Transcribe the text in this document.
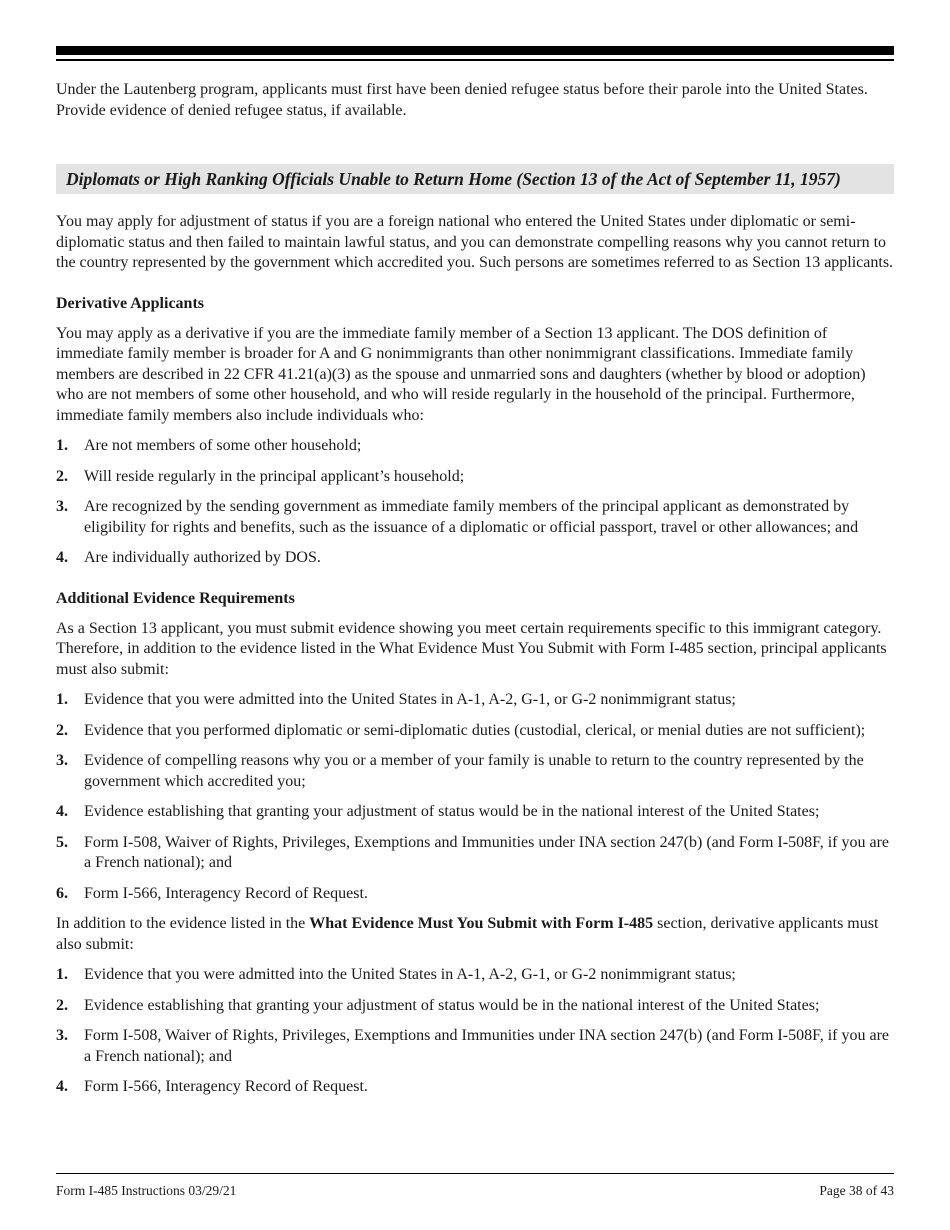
Under the Lautenberg program, applicants must first have been denied refugee status before their parole into the United States. Provide evidence of denied refugee status, if available.

Diplomats or High Ranking Officials Unable to Return Home (Section 13 of the Act of September 11, 1957)

You may apply for adjustment of status if you are a foreign national who entered the United States under diplomatic or semi-diplomatic status and then failed to maintain lawful status, and you can demonstrate compelling reasons why you cannot return to the country represented by the government which accredited you. Such persons are sometimes referred to as Section 13 applicants.

Derivative Applicants

You may apply as a derivative if you are the immediate family member of a Section 13 applicant. The DOS definition of immediate family member is broader for A and G nonimmigrants than other nonimmigrant classifications. Immediate family members are described in 22 CFR 41.21(a)(3) as the spouse and unmarried sons and daughters (whether by blood or adoption) who are not members of some other household, and who will reside regularly in the household of the principal. Furthermore, immediate family members also include individuals who:

1.	Are not members of some other household;
2.	Will reside regularly in the principal applicant’s household;
3.	Are recognized by the sending government as immediate family members of the principal applicant as demonstrated by eligibility for rights and benefits, such as the issuance of a diplomatic or official passport, travel or other allowances; and
4.	Are individually authorized by DOS.
Additional Evidence Requirements

As a Section 13 applicant, you must submit evidence showing you meet certain requirements specific to this immigrant category. Therefore, in addition to the evidence listed in the What Evidence Must You Submit with Form I-485 section, principal applicants must also submit:

1.	Evidence that you were admitted into the United States in A-1, A-2, G-1, or G-2 nonimmigrant status;
2.	Evidence that you performed diplomatic or semi-diplomatic duties (custodial, clerical, or menial duties are not sufficient);
3.	Evidence of compelling reasons why you or a member of your family is unable to return to the country represented by the government which accredited you;
4.	Evidence establishing that granting your adjustment of status would be in the national interest of the United States;
5.	Form I-508, Waiver of Rights, Privileges, Exemptions and Immunities under INA section 247(b) (and Form I-508F, if you are a French national); and
6.	Form I-566, Interagency Record of Request.

In addition to the evidence listed in the What Evidence Must You Submit with Form I-485 section, derivative applicants must also submit:

1.	Evidence that you were admitted into the United States in A-1, A-2, G-1, or G-2 nonimmigrant status;
2.	Evidence establishing that granting your adjustment of status would be in the national interest of the United States;
3.	Form I-508, Waiver of Rights, Privileges, Exemptions and Immunities under INA section 247(b) (and Form I-508F, if you are a French national); and
4.	Form I-566, Interagency Record of Request.
Form I-485 Instructions 03/29/21	Page 38 of 43
